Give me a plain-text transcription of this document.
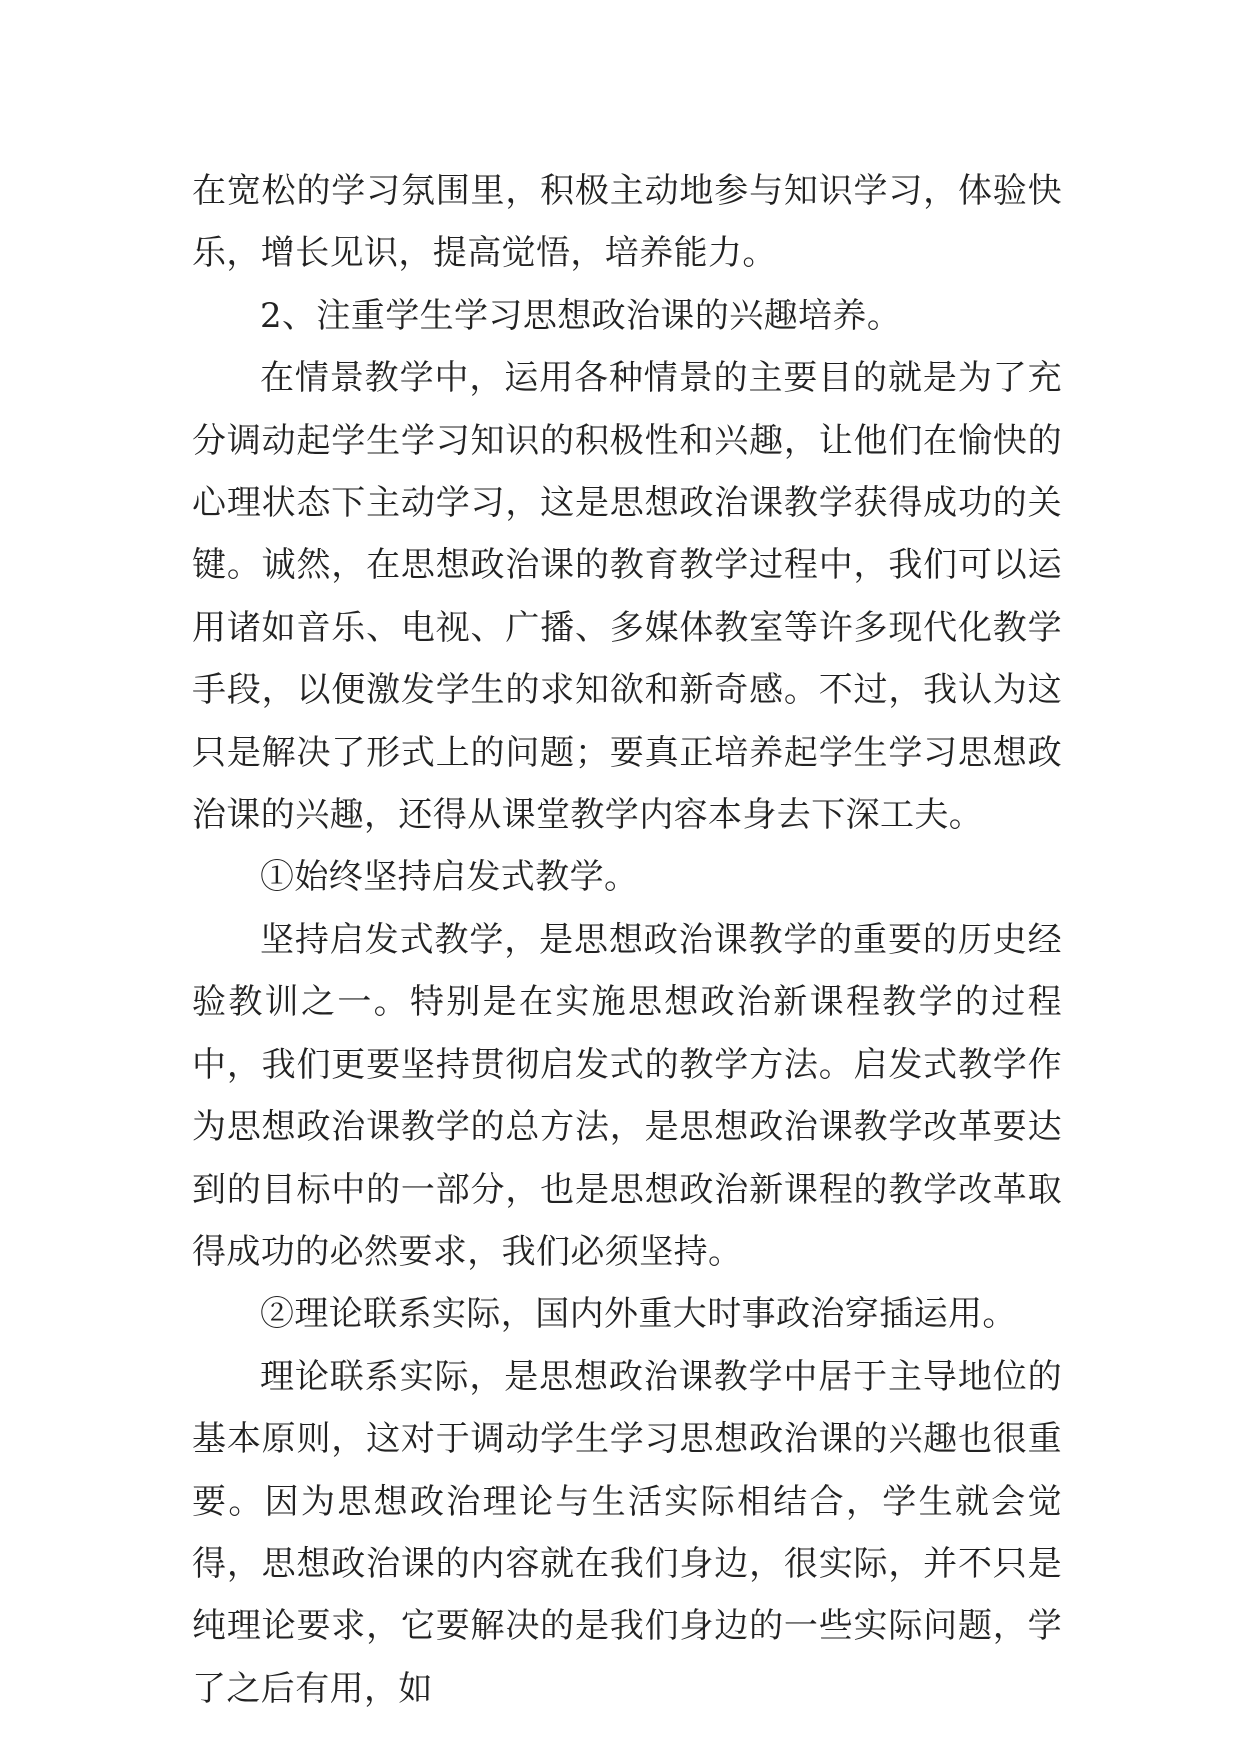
在宽松的学习氛围里，积极主动地参与知识学习，体验快乐，增长见识，提高觉悟，培养能力。

2、注重学生学习思想政治课的兴趣培养。

在情景教学中，运用各种情景的主要目的就是为了充分调动起学生学习知识的积极性和兴趣，让他们在愉快的心理状态下主动学习，这是思想政治课教学获得成功的关键。诚然，在思想政治课的教育教学过程中，我们可以运用诸如音乐、电视、广播、多媒体教室等许多现代化教学手段，以便激发学生的求知欲和新奇感。不过，我认为这只是解决了形式上的问题；要真正培养起学生学习思想政治课的兴趣，还得从课堂教学内容本身去下深工夫。

①始终坚持启发式教学。

坚持启发式教学，是思想政治课教学的重要的历史经验教训之一。特别是在实施思想政治新课程教学的过程中，我们更要坚持贯彻启发式的教学方法。启发式教学作为思想政治课教学的总方法，是思想政治课教学改革要达到的目标中的一部分，也是思想政治新课程的教学改革取得成功的必然要求，我们必须坚持。

②理论联系实际，国内外重大时事政治穿插运用。

理论联系实际，是思想政治课教学中居于主导地位的基本原则，这对于调动学生学习思想政治课的兴趣也很重要。因为思想政治理论与生活实际相结合，学生就会觉得，思想政治课的内容就在我们身边，很实际，并不只是纯理论要求，它要解决的是我们身边的一些实际问题，学了之后有用，如
